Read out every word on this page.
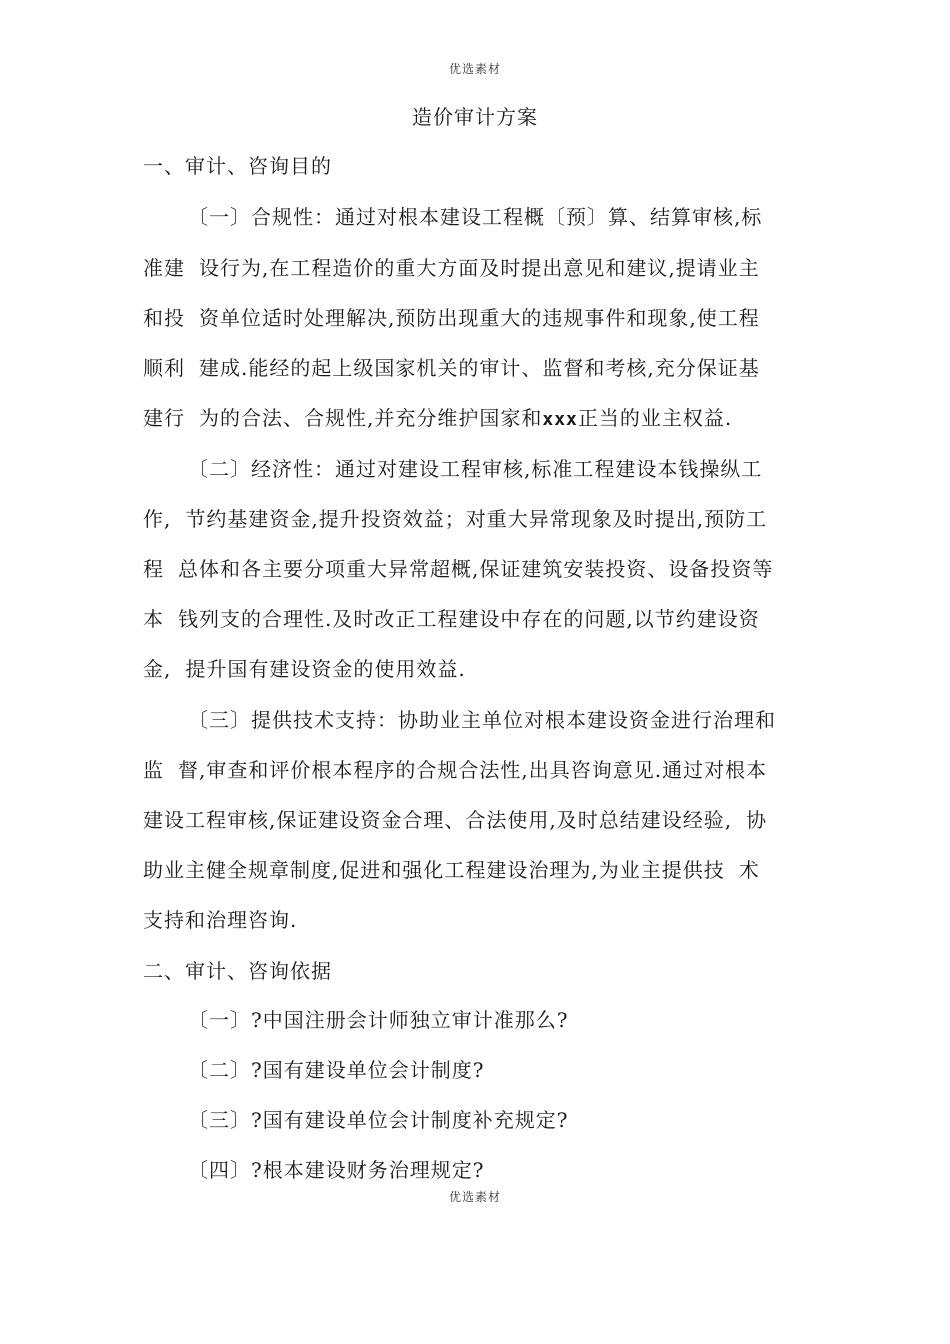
优选素材
造价审计方案
一、审计、咨询目的
〔一〕合规性：通过对根本建设工程概〔预〕算、结算审核,标
准建 设行为,在工程造价的重大方面及时提出意见和建议,提请业主
和投 资单位适时处理解决,预防出现重大的违规事件和现象,使工程
顺利 建成.能经的起上级国家机关的审计、监督和考核,充分保证基
建行 为的合法、合规性,并充分维护国家和xxx正当的业主权益.
〔二〕经济性：通过对建设工程审核,标准工程建设本钱操纵工
作, 节约基建资金,提升投资效益；对重大异常现象及时提出,预防工
程 总体和各主要分项重大异常超概,保证建筑安装投资、设备投资等
本 钱列支的合理性.及时改正工程建设中存在的问题,以节约建设资
金, 提升国有建设资金的使用效益.
〔三〕提供技术支持：协助业主单位对根本建设资金进行治理和
监 督,审查和评价根本程序的合规合法性,出具咨询意见.通过对根本
建设工程审核,保证建设资金合理、合法使用,及时总结建设经验, 协
助业主健全规章制度,促进和强化工程建设治理为,为业主提供技 术
支持和治理咨询.
二、审计、咨询依据
〔一〕?中国注册会计师独立审计准那么?
〔二〕?国有建设单位会计制度?
〔三〕?国有建设单位会计制度补充规定?
〔四〕?根本建设财务治理规定?
优选素材
